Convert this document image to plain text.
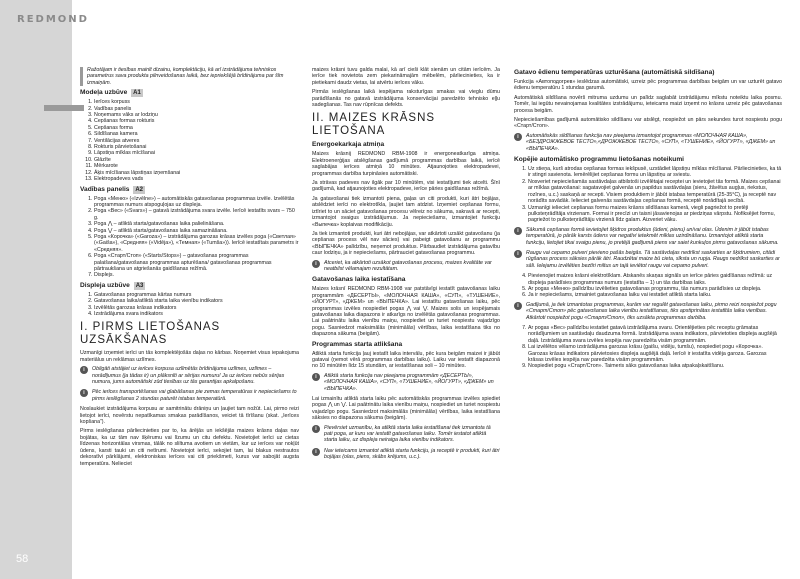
REDMOND
58
Ražotājam ir tiesības mainīt dizainu, komplektāciju, kā arī izstrādājuma tehniskos parametrus sava produkta pilnveidošanas laikā, bez iepriekšējā brīdinājuma par šīm izmaiņām.
Modeļa uzbūve A1
1. Ierīces korpuss
2. Vadības panelis
3. Noņemams vāks ar lodziņu
4. Cepšanas formas rokturis
5. Cepšanas forma
6. Sildīšanas kamera
7. Ventilācijas atveres
8. Rokturis pārvietošanai
9. Lāpstiņa mīklas mīcīšanai
10. Glāzīte
11. Mērkarote
12. Āķis mīcīšanas lāpstiņas izņemšanai
13. Elektropadeves vads
Vadības panelis A2
1. Poga «Меню» («Izvēlne») – automātiskās gatavošanas programmas izvēle. Izvēlētās programmas numurs atspoguļojas uz displeja.
2. Poga «Вес» («Svars») – gatavā izstrādājuma svara izvēle. Ierīcē iestatīts svars – 750 g.
3. Poga ⋀ – atliktā starta/gatavošanas laika palielināšana.
4. Poga ⋁ – atliktā starta/gatavošanas laika samazināšana.
5. Poga «Корочка» («Garoza») – izstrādājuma garozas krāsas izvēles poga («Светлая» («Gaiša»), «Средняя» («Vidēja»), «Темная» («Tumša»)). Ierīcē iestatītais parametrs ir «Средняя».
6. Poga «Старт/Стоп» («Starts/Stops») – gatavošanas programmas palaišana/gatavošanas programmas apturēšana/ gatavošanas programmas pārtraukšana un atgriešanās gaidīšanas režīmā.
7. Displejs.
Displeja uzbūve A3
1. Gatavošanas programmas kārtas numurs
2. Gatavošanas laika/atliktā starta laika vienību indikators
3. Izvēlētās garozas krāsas indikators
4. Izstrādājuma svara indikators
I. PIRMS LIETOŠANAS UZSĀKŠANAS

Uzmanīgi izņemiet ierīci un tās komplektējošās daļas no kārbas. Noņemiet visus iepakojuma materiālus un reklāmas uzlīmes.

i	Obligāti atstājiet uz ierīces korpusa uzlīmētās brīdinājuma uzlīmes, uzlīmes – norādījumus (ja tādas ir) un plāksnīti ar sērijas numuru! Ja uz ierīces nebūs sērijas numura, jums automātiski zūd tiesības uz tās garantijas apkalpošanu.
i	Pēc ierīces transportēšanas vai glabāšanas pie zemas temperatūras ir nepieciešams to pirms ieslēgšanas 2 stundas paturēt istabas temperatūrā.

Noslaukiet izstrādājuma korpusu ar samitrinātu drāniņu un ļaujiet tam nožūt. Lai, pirmo reizi lietojot ierīci, novērstu nepatīkamas smakas parādīšanos, veiciet tā tīrīšanu (skat. „Ierīces kopšana”).

Pirms ieslēgšanas pārliecinieties par to, ka ārējās un iekšējās maizes krāsns daļas nav bojātas, ka uz tām nav šķērumu vai līzumu un citu defektu. Novietojiet ierīci uz cietas līdzenas horizontālas virsmas, tālāk no sliltuma avotiem un vietām, kur uz ierīces var nokļūt ūdens, karsti tauki un citi netīrumi. Novietojot ierīci, sekojiet tam, lai blakus nestrautos dekoratīvi pārklājumi, elektroniskas ierīces vai citi priekšmeti, kurus var sabojāt augsta temperatūra. Nelieciet

maizes krāsni tuvu galda malai, kā arī cieši klāt sienām un citām ierīcēm. Ja ierīce tiek novietota zem piekarināmajām mēbelēm, pārliecinieties, ka ir pietiekami daudz vietas, lai atvērtu ierīces vāku.

Pirmās ieslēgšanas laikā iespējama raksturīgas smakas vai vieglu dūmu parādīšanās no gatavā izstrādājuma konservācijai paredzēto tehnisko eļļu sadegšanas. Tas nav rūpnīcas defekts.

II. MAIZES KRĀSNS LIETOŠANA
Energoekarkaja atmiņa

Maizes krāsnij REDMOND RBM-1908 ir energoneatkarīga atmiņa. Elektroenerģijas atslēgšanas gadījumā programmas darbības laikā, ierīcē saglabājas ierīces atmiņā 10 minūtes. Atjaunojoties elektropadevei, programmas darbība turpināsies automātiski.

Ja strāvas padeves nav ilgāk par 10 minūtēm, visi iestatījumi tiek atcelti. Šīnī gadījumā, kad atjaunojoties elektropadeve, ierīce pāries gaidīšanas režīmā.

Ja gatavošanai tiek izmantoti piena, gaļas un citi produkti, kuri ātri bojājas, atslēdziet ierīci no elektrotīkla, ļaujiet tam atdzist. Izņemiet cepšanas formu, iztīriet to un sāciet gatavošanas procesu vēlreiz no sākuma, sakravā ar recepti, izmantojot svaigus izstrādājumus. Ja nepieciešams, izmantojiet funkciju «Выпечка» koplaivas modifikāciju.

Ja tiek izmantoti produkti, kuri ātri nebojājas, var atkārtoti uzsākt gatavošanu (ja cepšanas process vēl nav sācies) vai pabeigt gatavošanu ar programmu «ВЫПЕЧКА» palīdzību, neņemot produktus. Pārbaudiet izstrādājuma gatavību caur lodziņu, ja ir nepieciešams, pārtrauciet gatavošanas programmu.

i	Atceriet, ka atkārtoti uzsākot gatavošanas procesu, maizes kvalitāte var neatbilst vēlamajam rezultātam.
Gatavošanas laika iestatīšana

Maizes krāsnī REDMOND RBM-1908 var patstāvīgi iestatīt gatavošanas laiku programmām «ДЕСЕРТЫ», «МОЛОЧНАЯ КАША», «СУП», «ТУШЕНИЕ», «ЙОГУРТ», «ДЖЕМ» un «ВЫПЕЧКА». Lai iestatītu gatavošanas laiku, pēc programmas izvēles nospiediet pogas ⋀ vai ⋁. Maizes solis un iespējamais gatavošanas laika diapazons ir atkarīgs no izvēlētās gatavošanas programmas. Lai paātrinātu laika vienību maiņu, nospiediet un turiet nospiestu vajadzīgo pogu. Sasniedzot maksimālās (minimālās) vērtības, laika iestatīšana tiks no diapazona sākuma (beigām).

Programmas starta atlikšana

Atliktā starta funkcija ļauj iestatīt laika intervālu, pēc kura beigām maizei ir jābūt gatavai (ņemot vērā programmas darbības laiku). Laiku var iestatīt diapazonā no 10 minūtēm līdz 15 stundām, ar iestatīšanas soli – 10 minūtes.

i	Atliktā starta funkcija nav pieejama programmām «ДЕСЕРТЫ», «МОЛОЧНАЯ КАША», «СУП», «ТУШЕНИЕ», «ЙОГУРТ», «ДЖЕМ» un «ВЫПЕЧКА».

Lai izmainītu atliktā starta laiku pēc automātiskās programmas izvēles spiediet pogas ⋀ un ⋁. Lai paātrinātu laika vienību maiņu, nospiediet un turiet nospiestu vajadzīgo pogu. Sasniedzot maksimālās (minimālās) vērtības, laika iestatīšana sāksies no diapazona sākuma (beigām).

i	Pievērsiet uzmanību, ka atliktā starta laika iestatīšanai tiek izmantota tā pati poga, ar kuru var iestatīt gatavošanas laiku. Tomēr iestatot atliktā starta laiku, uz displeja neiraiga laika vienību indikators.
i	Nav ieteicams izmantot atliktā starta funkciju, ja receptē ir produkti, kuri ātri bojājas (olas, piens, skābs krējums, u.c.).
Gatavo ēdienu temperatūras uzturēšana (automātiskā sildīšana)

Funkcija «Автоподогрев» ieslēdzas automātiski, uzreiz pēc programmas darbības beigām un var uzturēt gatavo ēdienu temperatūru 1 stundas garumā.

Automātiskā sildīšana novērš mitruma uzdumu un palīdz saglabāt izstrādājumu mīkstu noteiktu laika posmu. Tomēr, lai iegūtu nevainojamas kvalitātes izstrādājumu, ieteicams maizi izņemt no krāsns uzreiz pēc gatavošanas procesa beigām.

Nepieciešamības gadījumā automātisko sildīšanu var atslēgt, nospiežot un pārs sekundes turot nospiestu pogu «Старт/Стоп».

i	Automātiskās sildīšanas funkcija nav pieejama izmantojot programmas «МОЛОЧНАЯ КАША», «БЕЗДРОЖЖЕВОЕ ТЕСТО»,«ДРОЖЖЕВОЕ ТЕСТО», «СУП», «ТУШЕНИЕ», «ЙОГУРТ», «ДЖЕМ» un «ВЫПЕЧКА».
Kopējie automātisko programmu lietošanas noteikumi
1. Uz stieņa, kurš atrodas cepšanas formas iekšpusē, uzstādiet lāpstiņu mīklas mīcīšanai. Pārliecinieties, ka tā ir stingri savienota. Iemērēlijiet cepšanas formu un lāpstiņu ar sviestu.
2. Nosveriet nepieciešamās sastāvdaļas atbilstoši izvēlētajai receptei un ievietojiet tās formā. Maizes cepšanai ar mīklas gatavošanai: sagatavojiet galvenās un papildus sastāvdaļas (sieru, žāvētus augļus, riekstus, rozīnes, u.c.) saskaņā ar recepti. Visiem produktiem ir jābūt istabas temperatūrā (25-35°C), ja receptē nav norādīts savādāk. Ielieciet galvenās sastāvdaļas cepšanas formā, receptē norādītajā secībā.
3. Uzmanīgi ielieciet cepšanas formu maizes krāsns sildīšanas kamerā, viegli pagriežot to pretēji pulksteņrādītāja virzienam. Formai ir precīzi un taisni jāsavienojas ar piedziņas vārpstu. Nofiksējiet formu, pagriežot to pulksteņrādītāju virzienā līdz galam. Aizveriet vāku.
i	Sākumā cepšanas formā ievietojiet šķidros produktus (ūdeni, pienu) un/vai olas. Ūdenim ir jābūt istabas temperatūrā, jo pārāk karsts ūdens var negatīvi ietekmēt mīklas uzirdināšanu. Izmantojot atliktā starta funkciju, lietojiet tikai svaigu pienu, jo pretējā gadījumā piens var saiet kunkuļos pirms gatavošanas sākuma.
i	Raugu vai cepamo pulveri pievieno pašās beigās. Tā sastāvdaļas nedrīkst saskarties ar šķidrumiem, citādi rūgšanas process sāksies pārāk ātri. Raudzētai maize bū cieta, sīksta un rupja. Raugs nedrīkst saskarties ar sāli. Ielejamu izvēlēties beztīri miltus un tajā ieviētot raugu vai cepamo pulveri.
4. Pievienojiet maizes krāsni elektrotīklam. Atskanēs skaņas signāls un ierīce pāries gaidīšanas režīmā: uz displeja parādīsies programmas numurs (iestatīta – 1) un tās darbības laiks.
5. Ar pogas «Меню» palīdzību izvēlieties gatavošanas programmu, tās numurs parādīsies uz displeja.
6. Ja ir nepieciešams, izmainiet gatavošanas laiku vai iestatiet atliktā starta laiku.
i	Gadījumā, ja tiek izmantotas programmas, kurām var regulēt gatavošanas laiku, pirmo reizi nospiežot pogu «Старт/Стоп» pēc gatavošanas laika vienību iestatīšanas, tiks apstiprinātas iestatītās laika vienības. Atkārtoti nospiežot pogu «Старт/Стоп», tiks uzsākta programmas darbība.
7. Ar pogas «Вес» palīdzību iestatiet gatavā izstrādājuma svaru. Orientējieties pēc receptu grāmatas norādījumiem un sastāvdaļu daudzuma formā. Izstrādājuma svara indikators, pārvietoties displeja augšējā daļā. Izstrādājuma svara izvēles iespēja nav paredzēta visām programmām.
8. Lai izvēlētos vēlamo izstrādājuma garozas krāsu (gaišu, vidēju, tumšu), nospiediet pogu «Корочка». Garozas krāsas indikators pārvietosies displeja augšējā daļā. Ierīcē ir iestatīta vidēja garoza. Garozas krāsas izvēles iespēja nav paredzēta visām programmām.
9. Nospiediet pogu «Старт/Стоп». Taimeris sāks gatavošanas laika atpakaļskaitīšanu.
